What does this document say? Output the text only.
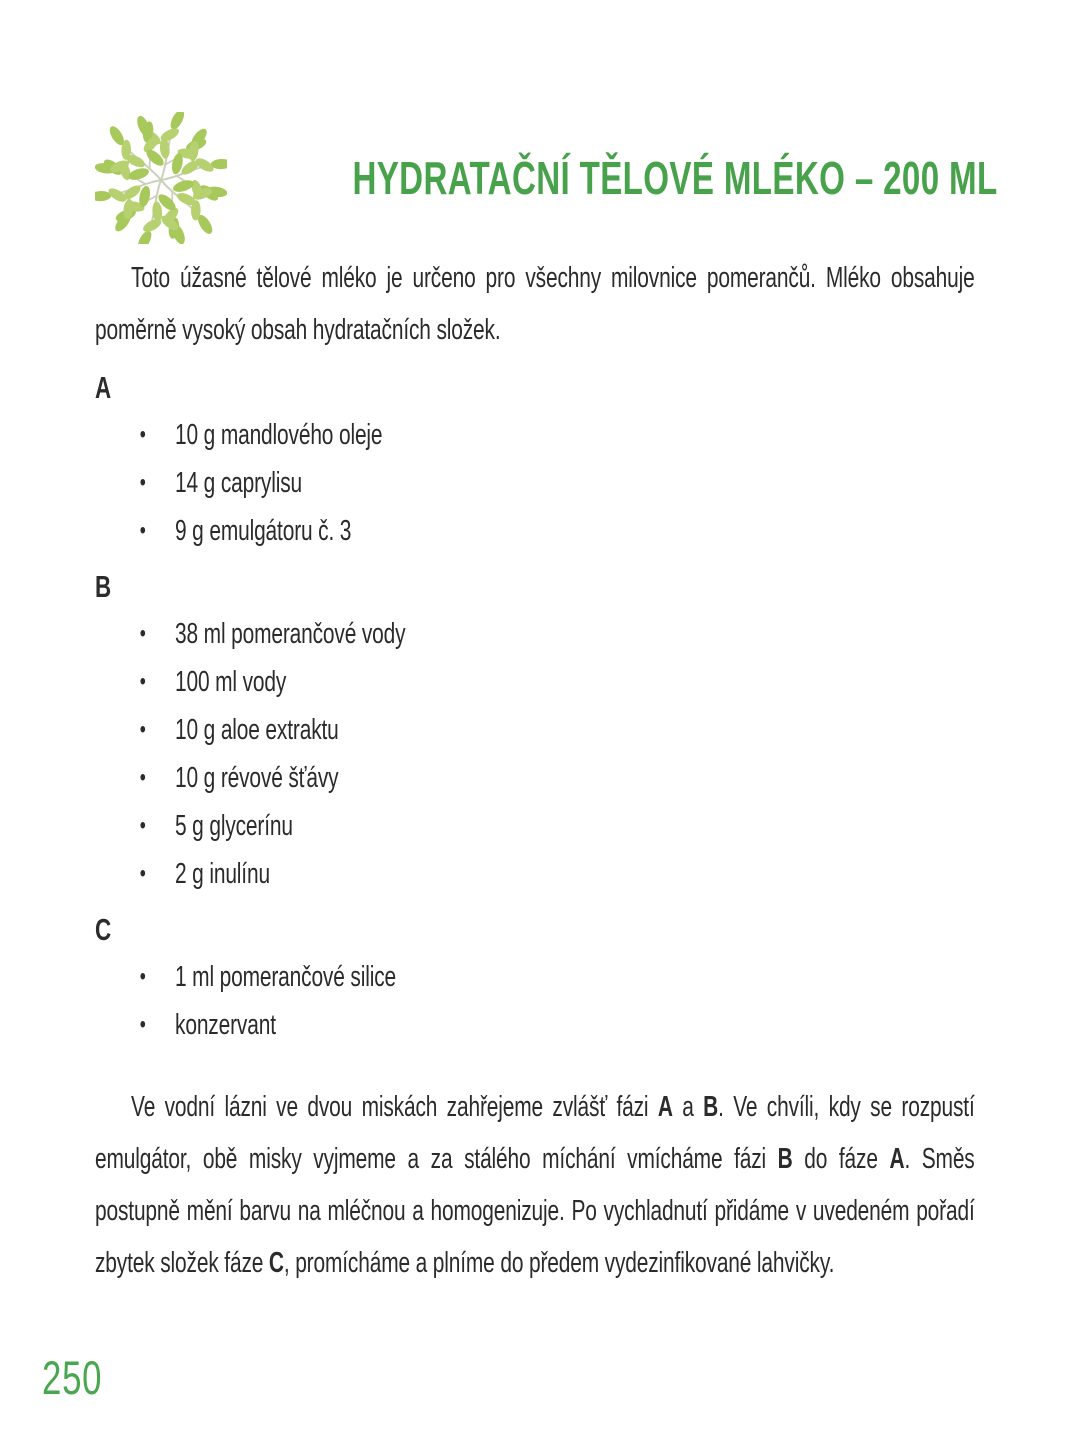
HYDRATAČNÍ TĚLOVÉ MLÉKO – 200 ML

Toto úžasné tělové mléko je určeno pro všechny milovnice pomerančů. Mléko obsahuje poměrně vysoký obsah hydratačních složek.

A
• 10 g mandlového oleje
• 14 g caprylisu
• 9 g emulgátoru č. 3
B
• 38 ml pomerančové vody
• 100 ml vody
• 10 g aloe extraktu
• 10 g révové šťávy
• 5 g glycerínu
• 2 g inulínu
C
• 1 ml pomerančové silice
• konzervant

Ve vodní lázni ve dvou miskách zahřejeme zvlášť fázi A a B. Ve chvíli, kdy se rozpustí emulgátor, obě misky vyjmeme a za stálého míchání vmícháme fázi B do fáze A. Směs postupně mění barvu na mléčnou a homogenizuje. Po vychladnutí přidáme v uvedeném pořadí zbytek složek fáze C, promícháme a plníme do předem vydezinfikované lahvičky.

250
